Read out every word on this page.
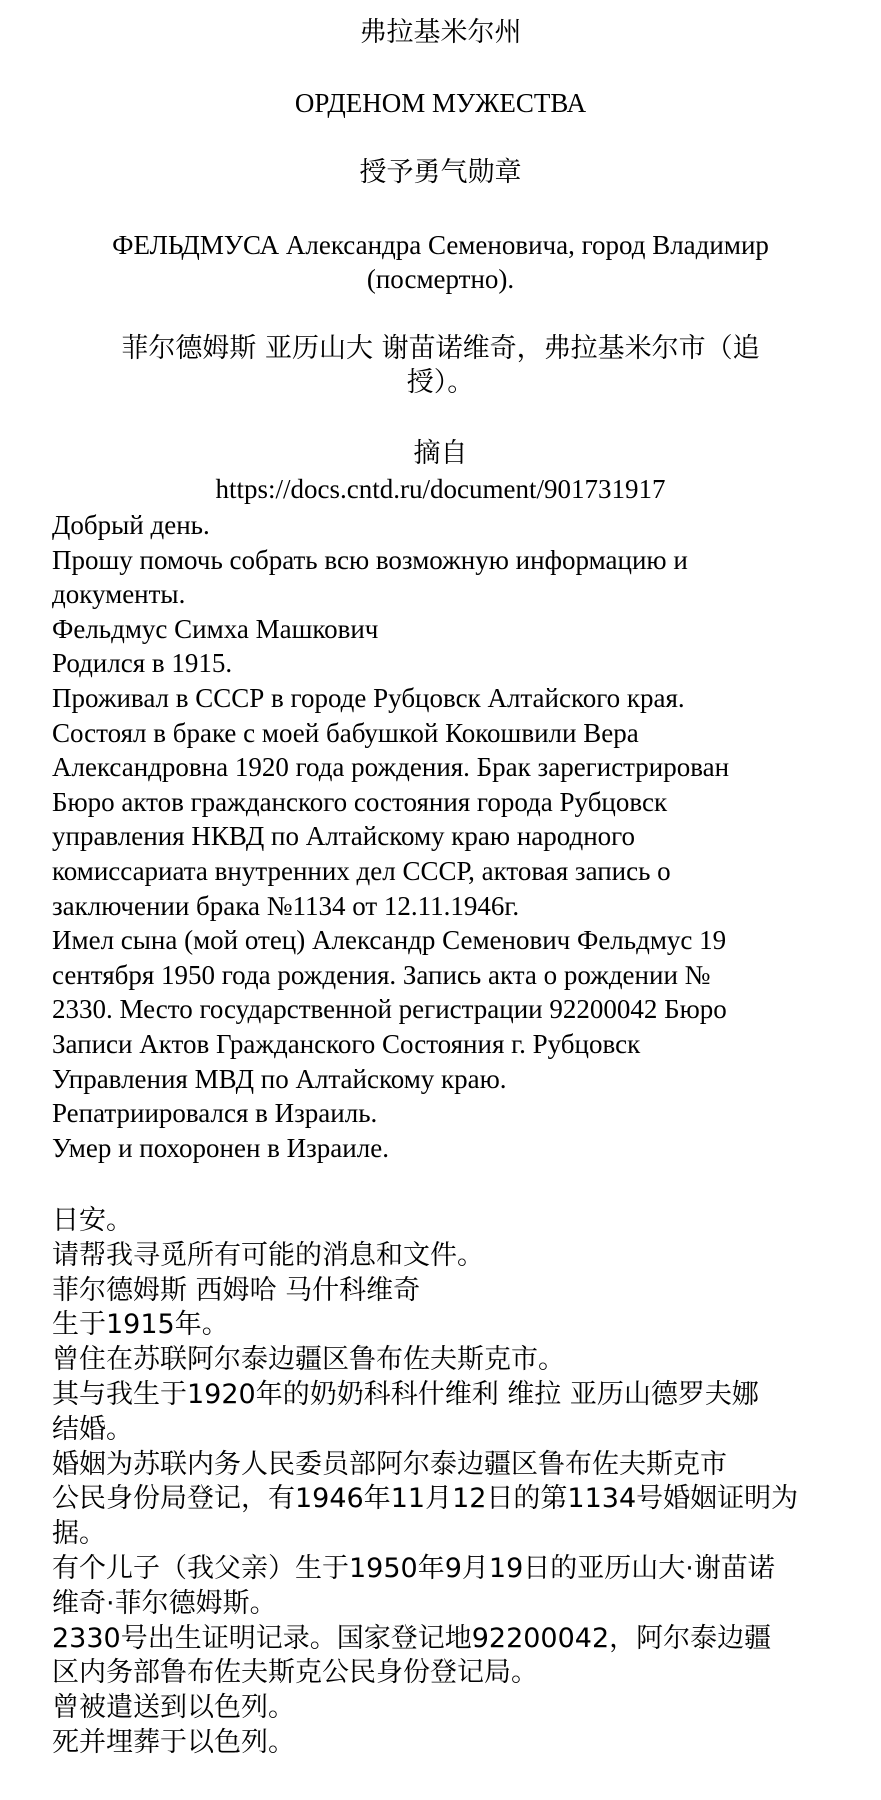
弗拉基米尔州
ОРДЕНОМ МУЖЕСТВА
授予勇气勋章
ФЕЛЬДМУСА Александра Семеновича, город Владимир
(посмертно).
菲尔德姆斯 亚历山大 谢苗诺维奇，弗拉基米尔市（追
授）。
摘自
https://docs.cntd.ru/document/901731917
Добрый день.
Прошу помочь собрать всю возможную информацию и
документы.
Фельдмус Симха Машкович
Родился в 1915.
Проживал в СССР в городе Рубцовск Алтайского края.
Состоял в браке с моей бабушкой Кокошвили Вера
Александровна 1920 года рождения. Брак зарегистрирован
Бюро актов гражданского состояния города Рубцовск
управления НКВД по Алтайскому краю народного
комиссариата внутренних дел СССР, актовая запись о
заключении брака №1134 от 12.11.1946г.
Имел сына (мой отец) Александр Семенович Фельдмус 19
сентября 1950 года рождения. Запись акта о рождении №
2330. Место государственной регистрации 92200042 Бюро
Записи Актов Гражданского Состояния г. Рубцовск
Управления МВД по Алтайскому краю.
Репатриировался в Израиль.
Умер и похоронен в Израиле.
日安。
请帮我寻觅所有可能的消息和文件。
菲尔德姆斯 西姆哈 马什科维奇
生于1915年。
曾住在苏联阿尔泰边疆区鲁布佐夫斯克市。
其与我生于1920年的奶奶科科什维利 维拉 亚历山德罗夫娜
结婚。
婚姻为苏联内务人民委员部阿尔泰边疆区鲁布佐夫斯克市
公民身份局登记，有1946年11月12日的第1134号婚姻证明为
据。
有个儿子（我父亲）生于1950年9月19日的亚历山大·谢苗诺
维奇·菲尔德姆斯。
2330号出生证明记录。国家登记地92200042，阿尔泰边疆
区内务部鲁布佐夫斯克公民身份登记局。
曾被遣送到以色列。
死并埋葬于以色列。
